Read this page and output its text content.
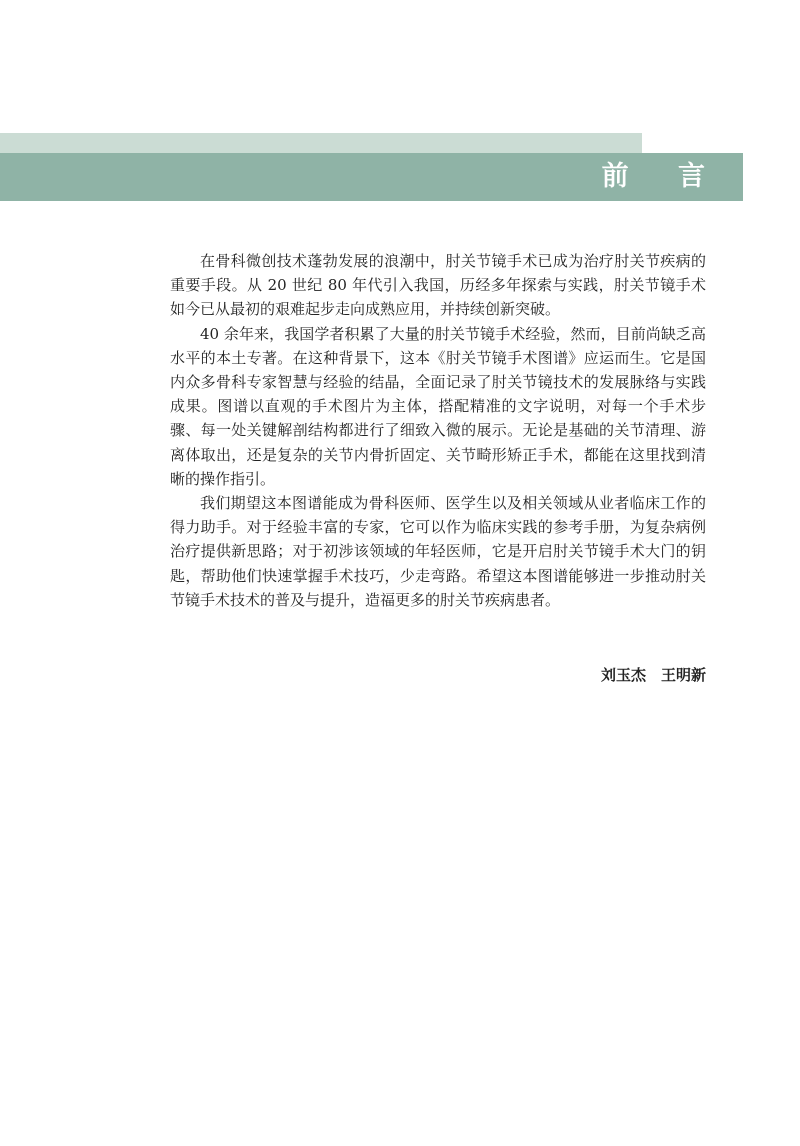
前 言

在骨科微创技术蓬勃发展的浪潮中，肘关节镜手术已成为治疗肘关节疾病的重要手段。从 20 世纪 80 年代引入我国，历经多年探索与实践，肘关节镜手术如今已从最初的艰难起步走向成熟应用，并持续创新突破。

40 余年来，我国学者积累了大量的肘关节镜手术经验，然而，目前尚缺乏高水平的本土专著。在这种背景下，这本《肘关节镜手术图谱》应运而生。它是国内众多骨科专家智慧与经验的结晶，全面记录了肘关节镜技术的发展脉络与实践成果。图谱以直观的手术图片为主体，搭配精准的文字说明，对每一个手术步骤、每一处关键解剖结构都进行了细致入微的展示。无论是基础的关节清理、游离体取出，还是复杂的关节内骨折固定、关节畸形矫正手术，都能在这里找到清晰的操作指引。

我们期望这本图谱能成为骨科医师、医学生以及相关领域从业者临床工作的得力助手。对于经验丰富的专家，它可以作为临床实践的参考手册，为复杂病例治疗提供新思路；对于初涉该领域的年轻医师，它是开启肘关节镜手术大门的钥匙，帮助他们快速掌握手术技巧，少走弯路。希望这本图谱能够进一步推动肘关节镜手术技术的普及与提升，造福更多的肘关节疾病患者。

刘玉杰　王明新
